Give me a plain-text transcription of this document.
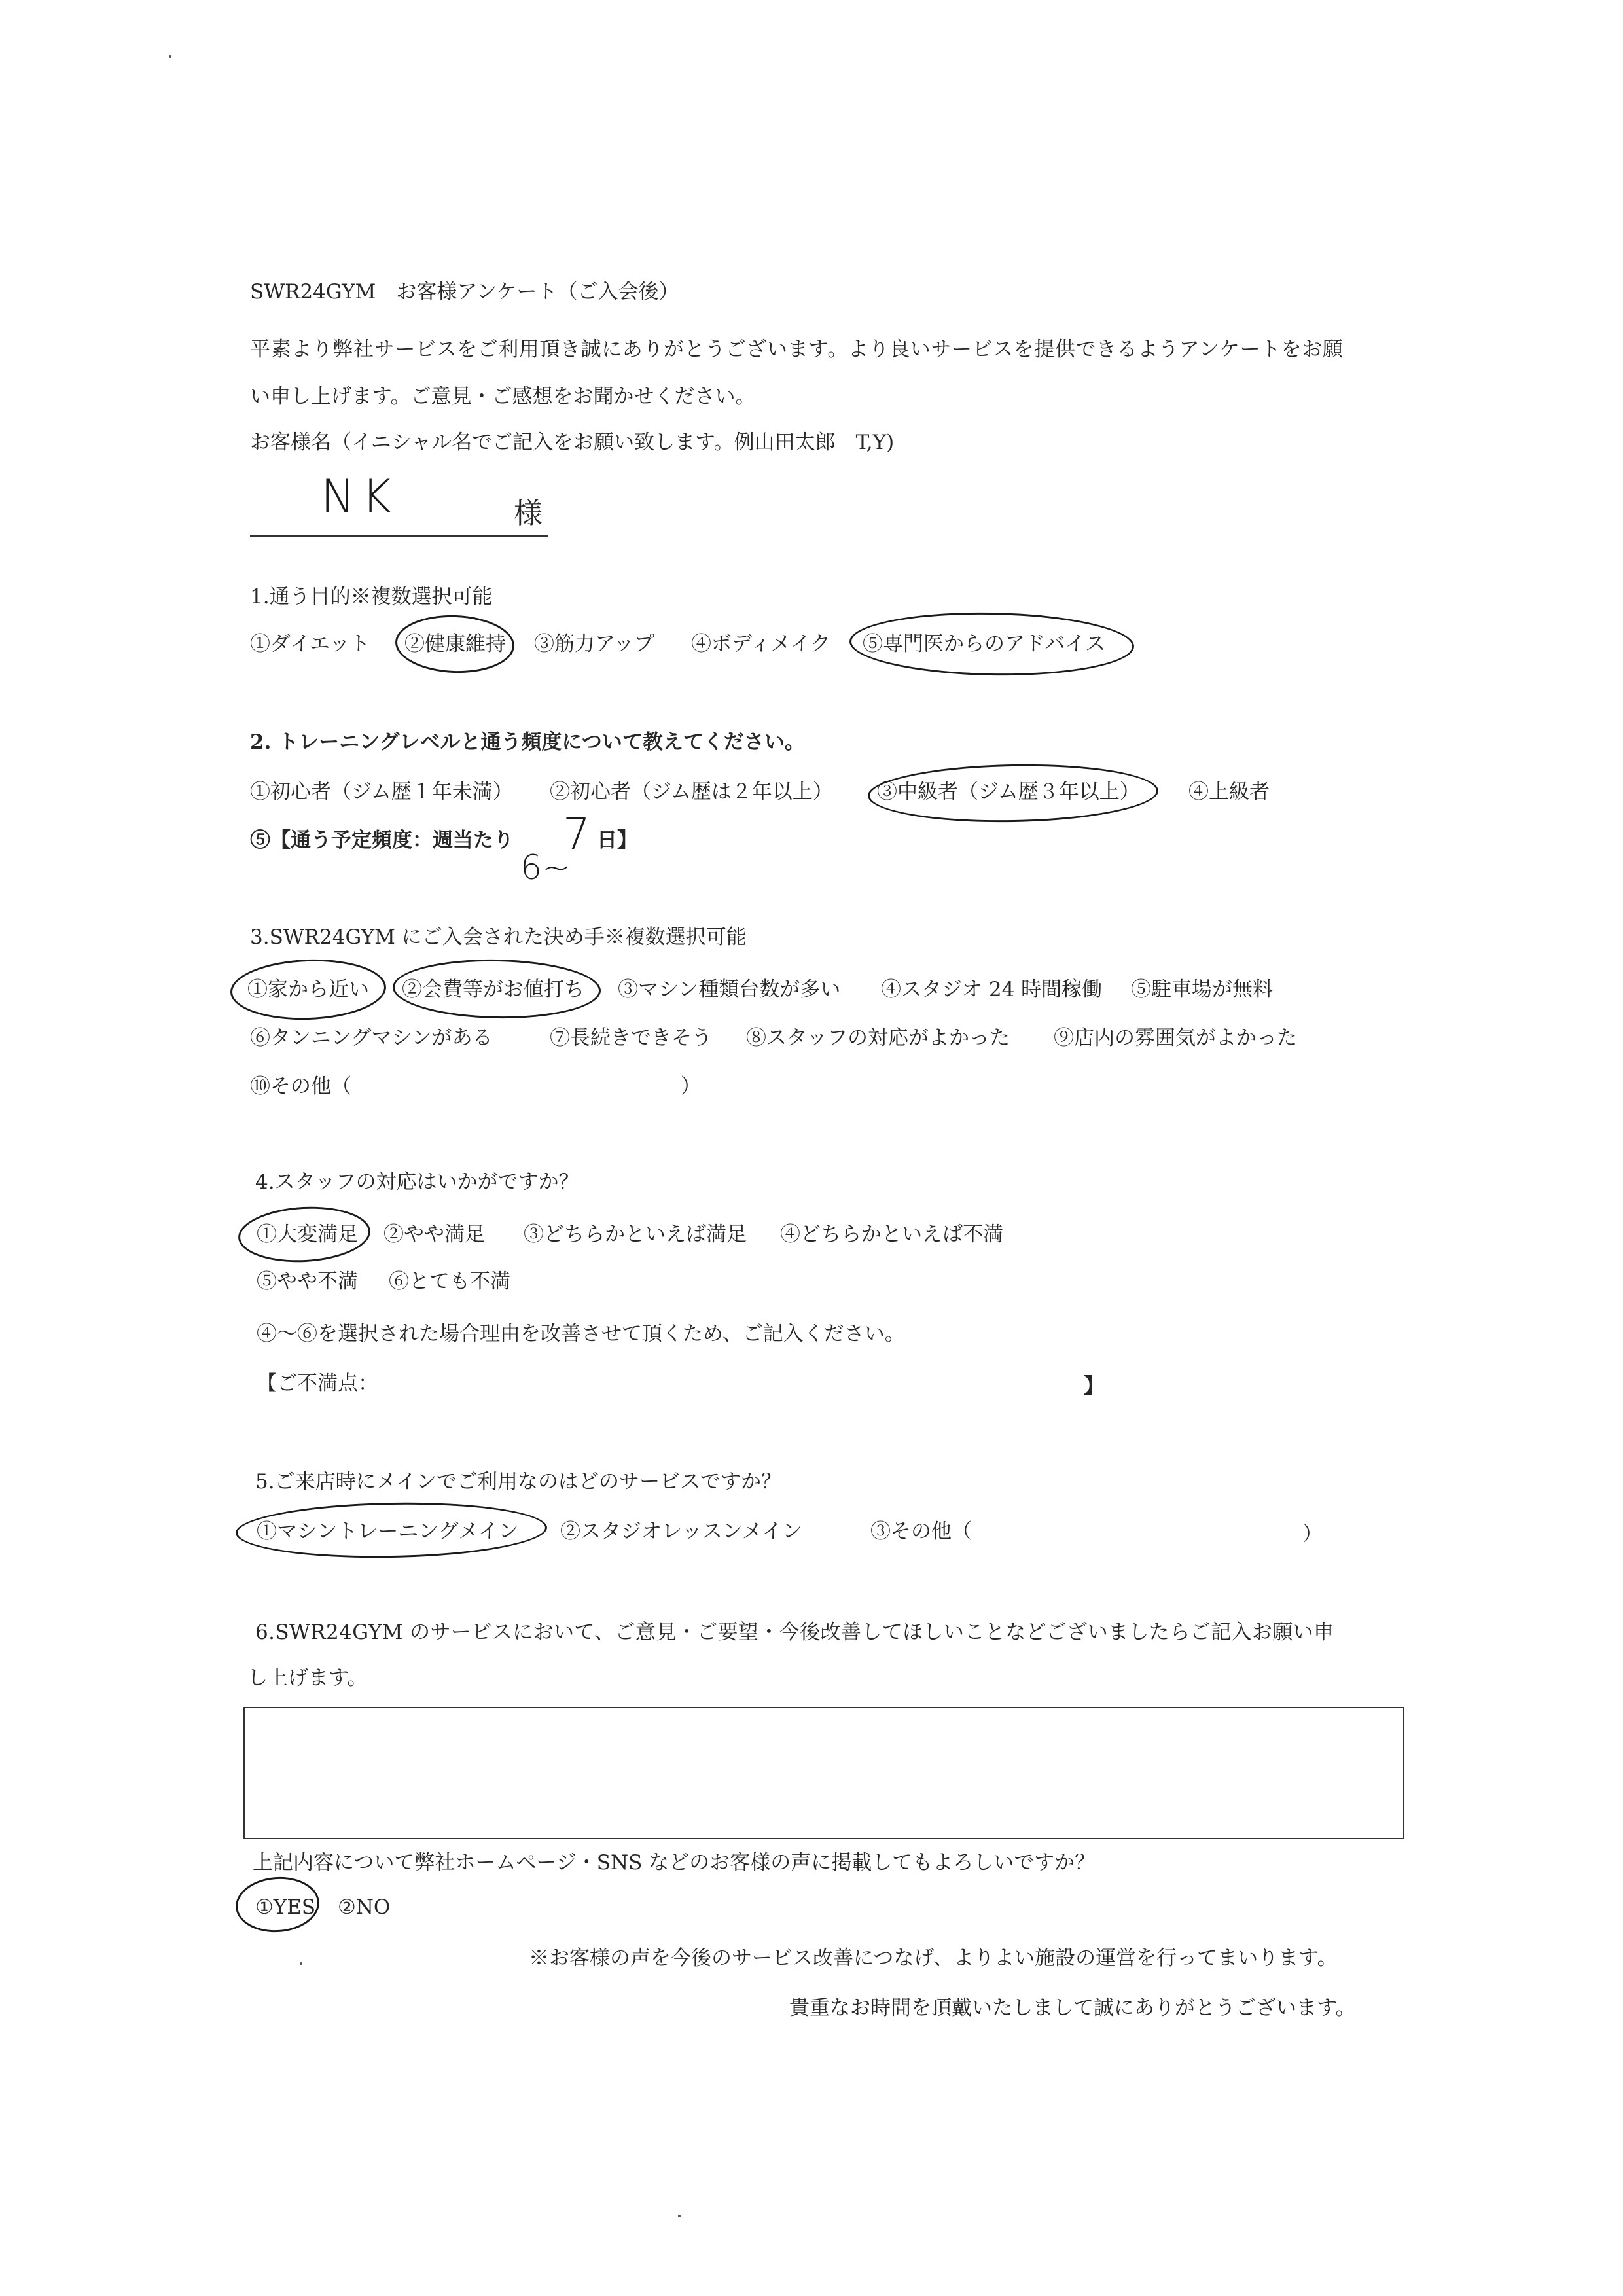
SWR24GYM　お客様アンケート（ご入会後）
平素より弊社サービスをご利用頂き誠にありがとうございます。より良いサービスを提供できるようアンケートをお願
い申し上げます。ご意見・ご感想をお聞かせください。
お客様名（イニシャル名でご記入をお願い致します。例山田太郎　T,Y)
NK	様
1.通う目的※複数選択可能
①ダイエット ②健康維持 ③筋力アップ ④ボディメイク ⑤専門医からのアドバイス
2. トレーニングレベルと通う頻度について教えてください。
①初心者（ジム歴１年未満） ②初心者（ジム歴は２年以上） ③中級者（ジム歴３年以上） ④上級者
⑤【通う予定頻度：週当たり
6~
7 日】
3.SWR24GYM にご入会された決め手※複数選択可能
①家から近い ②会費等がお値打ち ③マシン種類台数が多い ④スタジオ 24 時間稼働 ⑤駐車場が無料
⑥タンニングマシンがある	⑦長続きできそう ⑧スタッフの対応がよかった ⑨店内の雰囲気がよかった
⑩その他（	）
4.スタッフの対応はいかがですか？
①大変満足 ②やや満足 ③どちらかといえば満足 ④どちらかといえば不満
⑤やや不満 ⑥とても不満
④～⑥を選択された場合理由を改善させて頂くため、ご記入ください。
【ご不満点：	】
5.ご来店時にメインでご利用なのはどのサービスですか？
①マシントレーニングメイン ②スタジオレッスンメイン	③その他（	）
6.SWR24GYM のサービスにおいて、ご意見・ご要望・今後改善してほしいことなどございましたらご記入お願い申
し上げます。
上記内容について弊社ホームページ・SNS などのお客様の声に掲載してもよろしいですか？
①YES ②NO
※お客様の声を今後のサービス改善につなげ、よりよい施設の運営を行ってまいります。
貴重なお時間を頂戴いたしまして誠にありがとうございます。
